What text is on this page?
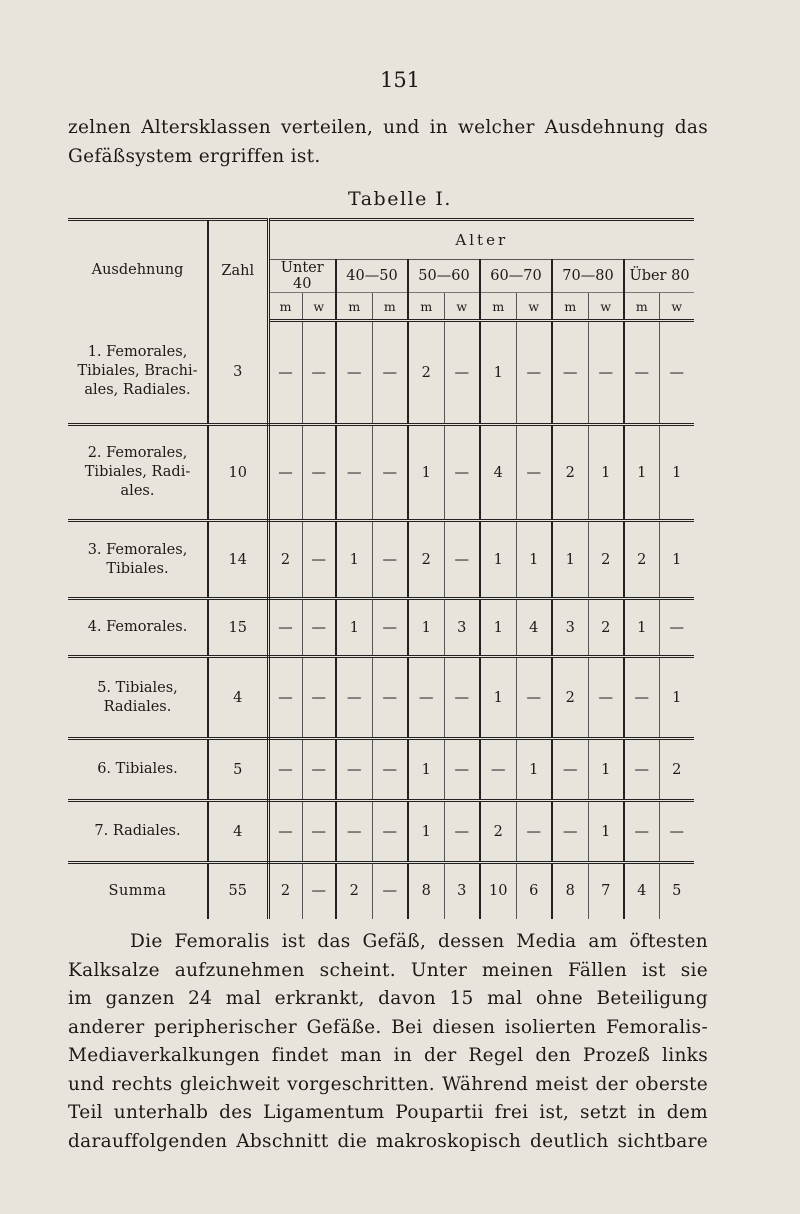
151
zelnen Altersklassen verteilen, und in welcher Ausdehnung das
Gefäßsystem ergriffen ist.
Tabelle I.
Ausdehnung	Zahl	Alter											
		Unter 40		40—50		50—60		60—70		70—80		Über 80	
		m	w	m	m	m	w	m	w	m	w	m	w
1. Femorales, Tibiales, Brachi-ales, Radiales.	3	—	—	—	—	2	—	1	—	—	—	—	—
2. Femorales, Tibiales, Radi-ales.	10	—	—	—	—	1	—	4	—	2	1	1	1
3. Femorales, Tibiales.	14	2	—	1	—	2	—	1	1	1	2	2	1
4. Femorales.	15	—	—	1	—	1	3	1	4	3	2	1	—
5. Tibiales, Radiales.	4	—	—	—	—	—	—	1	—	2	—	—	1
6. Tibiales.	5	—	—	—	—	1	—	—	1	—	1	—	2
7. Radiales.	4	—	—	—	—	1	—	2	—	—	1	—	—
Summa	55	2	—	2	—	8	3	10	6	8	7	4	5
Die Femoralis ist das Gefäß, dessen Media am öftesten
Kalksalze aufzunehmen scheint. Unter meinen Fällen ist sie
im ganzen 24 mal erkrankt, davon 15 mal ohne Beteiligung
anderer peripherischer Gefäße. Bei diesen isolierten Femoralis-
Mediaverkalkungen findet man in der Regel den Prozeß links
und rechts gleichweit vorgeschritten. Während meist der oberste
Teil unterhalb des Ligamentum Poupartii frei ist, setzt in dem
darauffolgenden Abschnitt die makroskopisch deutlich sichtbare
